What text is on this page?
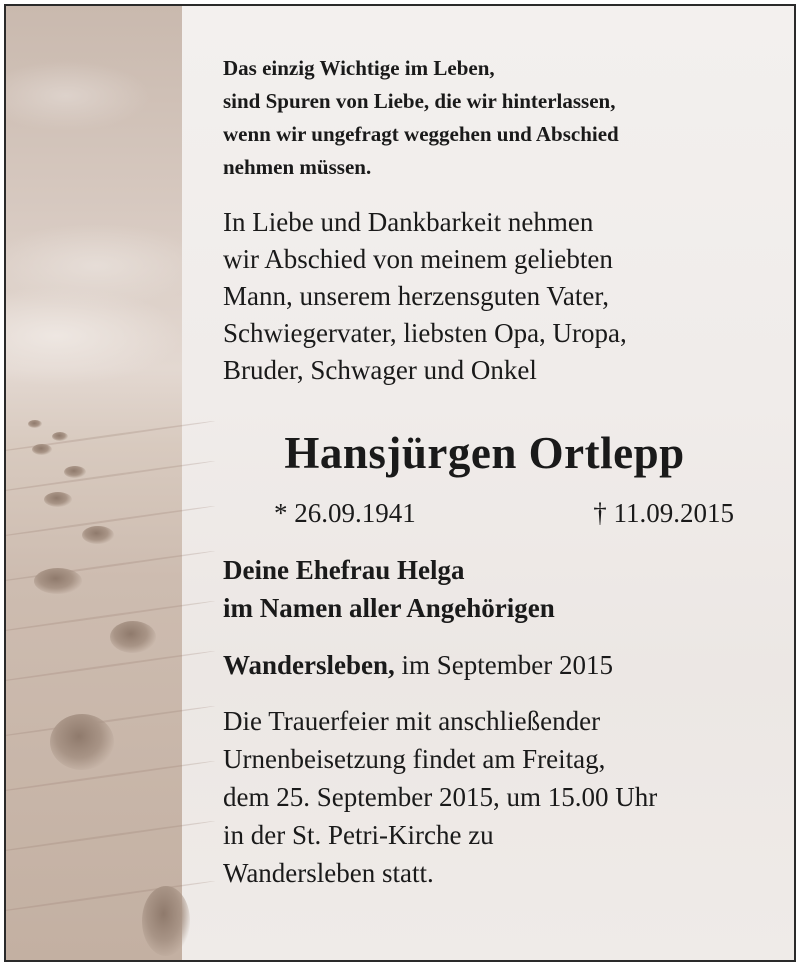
Das einzig Wichtige im Leben,
sind Spuren von Liebe, die wir hinterlassen,
wenn wir ungefragt weggehen und Abschied
nehmen müssen.

In Liebe und Dankbarkeit nehmen
wir Abschied von meinem geliebten
Mann, unserem herzensguten Vater,
Schwiegervater, liebsten Opa, Uropa,
Bruder, Schwager und Onkel

Hansjürgen Ortlepp

* 26.09.1941	† 11.09.2015

Deine Ehefrau Helga
im Namen aller Angehörigen

Wandersleben, im September 2015

Die Trauerfeier mit anschließender
Urnenbeisetzung findet am Freitag,
dem 25. September 2015, um 15.00 Uhr
in der St. Petri-Kirche zu
Wandersleben statt.
